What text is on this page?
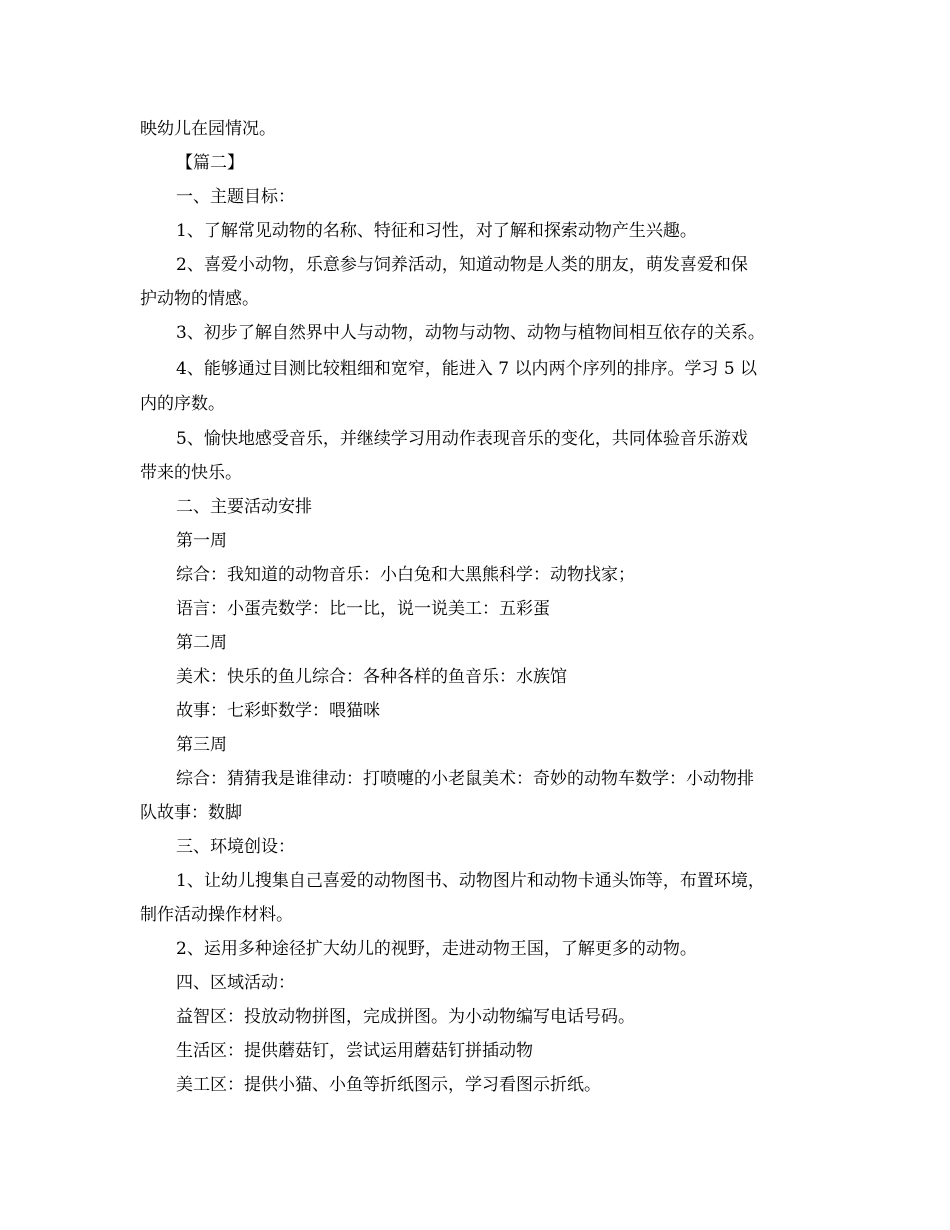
映幼儿在园情况。
【篇二】
一、主题目标：
1、了解常见动物的名称、特征和习性，对了解和探索动物产生兴趣。
2、喜爱小动物，乐意参与饲养活动，知道动物是人类的朋友，萌发喜爱和保
护动物的情感。
3、初步了解自然界中人与动物，动物与动物、动物与植物间相互依存的关系。
4、能够通过目测比较粗细和宽窄，能进入 7 以内两个序列的排序。学习 5 以
内的序数。
5、愉快地感受音乐，并继续学习用动作表现音乐的变化，共同体验音乐游戏
带来的快乐。
二、主要活动安排
第一周
综合：我知道的动物音乐：小白兔和大黑熊科学：动物找家；
语言：小蛋壳数学：比一比，说一说美工：五彩蛋
第二周
美术：快乐的鱼儿综合：各种各样的鱼音乐：水族馆
故事：七彩虾数学：喂猫咪
第三周
综合：猜猜我是谁律动：打喷嚏的小老鼠美术：奇妙的动物车数学：小动物排
队故事：数脚
三、环境创设：
1、让幼儿搜集自己喜爱的动物图书、动物图片和动物卡通头饰等，布置环境，
制作活动操作材料。
2、运用多种途径扩大幼儿的视野，走进动物王国，了解更多的动物。
四、区域活动：
益智区：投放动物拼图，完成拼图。为小动物编写电话号码。
生活区：提供蘑菇钉，尝试运用蘑菇钉拼插动物
美工区：提供小猫、小鱼等折纸图示，学习看图示折纸。
